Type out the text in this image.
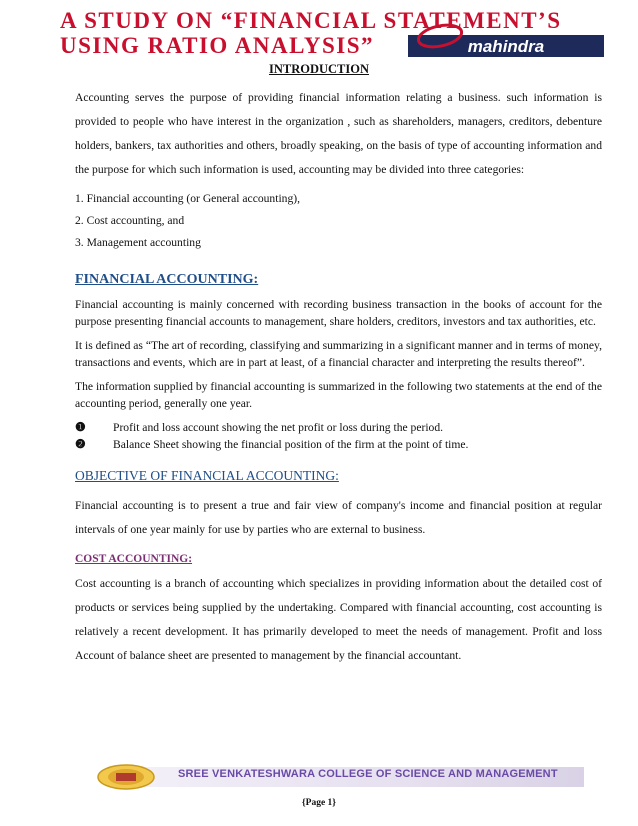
A STUDY ON “FINANCIAL STATEMENT’S
USING RATIO ANALYSIS”	mahindra
INTRODUCTION

Accounting serves the purpose of providing financial information relating a business. such information is provided to people who have interest in the organization , such as shareholders, managers, creditors, debenture holders, bankers, tax authorities and others, broadly speaking, on the basis of type of accounting information and the purpose for which such information is used, accounting may be divided into three categories:

1. Financial accounting (or General accounting),
2. Cost accounting, and
3. Management accounting
FINANCIAL ACCOUNTING:

Financial accounting is mainly concerned with recording business transaction in the books of account for the purpose presenting financial accounts to management, share holders, creditors, investors and tax authorities, etc.

It is defined as “The art of recording, classifying and summarizing in a significant manner and in terms of money, transactions and events, which are in part at least, of a financial character and interpreting the results thereof”.

The information supplied by financial accounting is summarized in the following two statements at the end of the accounting period, generally one year.

❶	Profit and loss account showing the net profit or loss during the period.
❷	Balance Sheet showing the financial position of the firm at the point of time.
OBJECTIVE OF FINANCIAL ACCOUNTING:

Financial accounting is to present a true and fair view of company's income and financial position at regular intervals of one year mainly for use by parties who are external to business.

COST ACCOUNTING:

Cost accounting is a branch of accounting which specializes in providing information about the detailed cost of products or services being supplied by the undertaking. Compared with financial accounting, cost accounting is relatively a recent development. It has primarily developed to meet the needs of management. Profit and loss Account of balance sheet are presented to management by the financial accountant.

SREE VENKATESHWARA COLLEGE OF SCIENCE AND MANAGEMENT
{Page 1}
